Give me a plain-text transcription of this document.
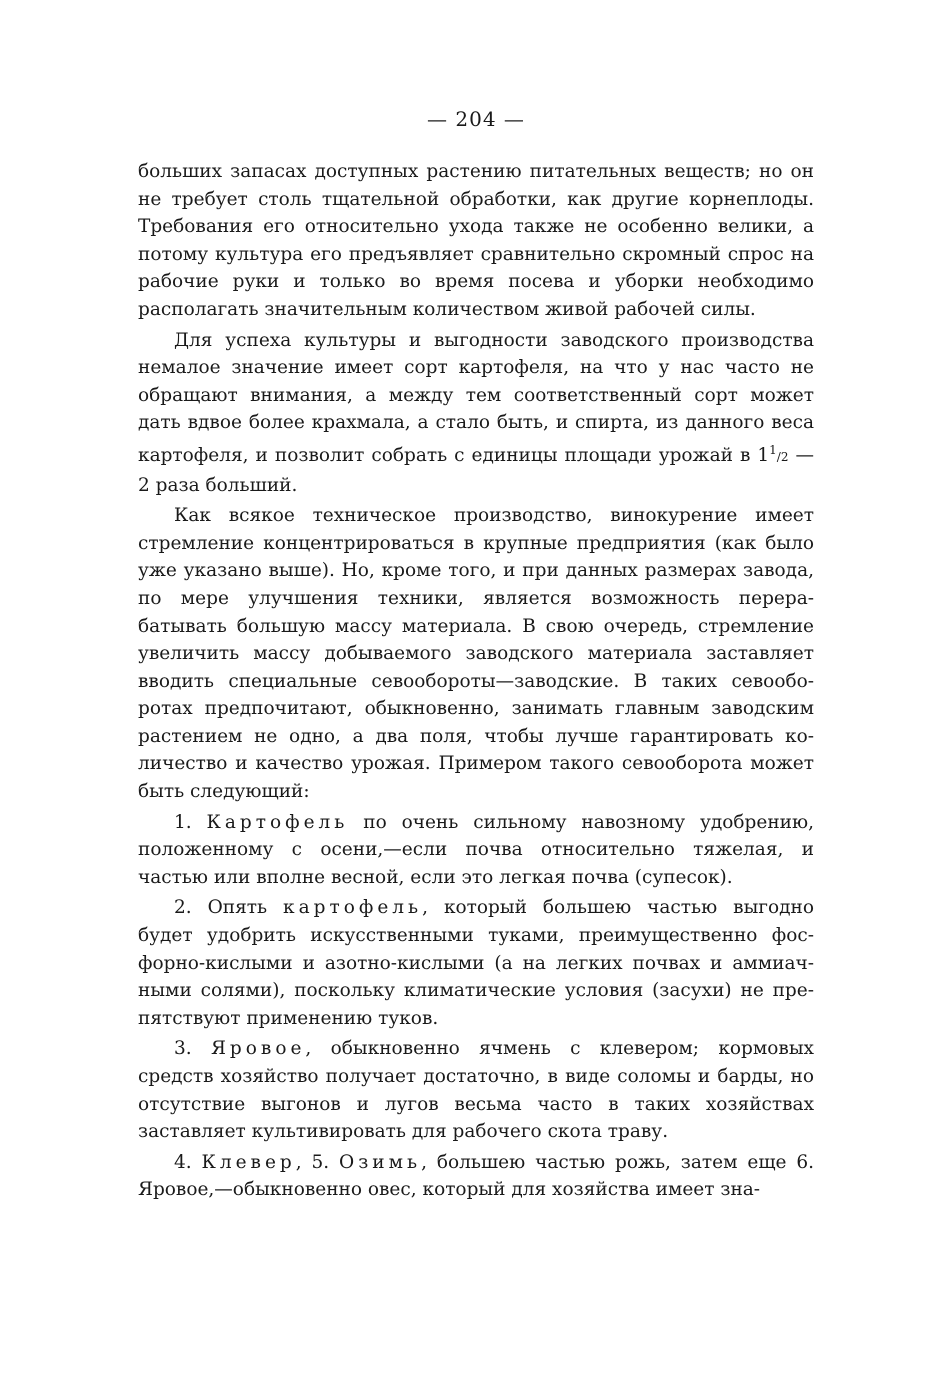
— 204 —

больших запасах доступных растению питательных веществ; но он не требует столь тщательной обработки, как другие корнеплоды. Требования его относительно ухода также не особенно велики, а потому культура его предъявляет сравнительно скромный спрос на рабочие руки и только во время посева и уборки необходимо располагать значительным количеством живой рабочей силы.

Для успеха культуры и выгодности заводского производства немалое значение имеет сорт картофеля, на что у нас часто не обращают внимания, а между тем соответственный сорт может дать вдвое более крахмала, а стало быть, и спирта, из данного веса картофеля, и позволит собрать с единицы площади урожай в $1^1/2$ — 2 раза больший.

Как всякое техническое производство, винокурение имеет стремление концентрироваться в крупные предприятия (как было уже указано выше). Но, кроме того, и при данных размерах завода, по мере улучшения техники, является возможность перерабатывать большую массу материала. В свою очередь, стремление увеличить массу добываемого заводского материала заставляет вводить специальные севообороты—заводские. В таких севооборотах предпочитают, обыкновенно, занимать главным заводским растением не одно, а два поля, чтобы лучше гарантировать количество и качество урожая. Примером такого севооборота может быть следующий:

1. Картофель по очень сильному навозному удобрению, положенному с осени,—если почва относительно тяжелая, и частью или вполне весной, если это легкая почва (супесок).

2. Опять картофель, который большею частью выгодно будет удобрить искусственными туками, преимущественно фосфорно-кислыми и азотно-кислыми (а на легких почвах и аммиачными солями), поскольку климатические условия (засухи) не препятствуют применению туков.

3. Яровое, обыкновенно ячмень с клевером; кормовых средств хозяйство получает достаточно, в виде соломы и барды, но отсутствие выгонов и лугов весьма часто в таких хозяйствах заставляет культивировать для рабочего скота траву.

4. Клевер, 5. Озимь, большею частью рожь, затем еще 6. Яровое,—обыкновенно овес, который для хозяйства имеет зна-
